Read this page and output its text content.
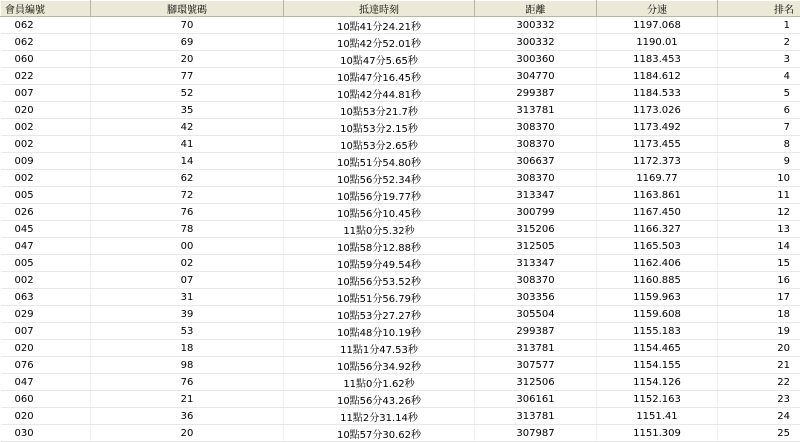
會員編號	腳環號碼	抵達時刻	距離	分速	排名
062	70	10點41分24.21秒	300332	1197.068	1
062	69	10點42分52.01秒	300332	1190.01	2
060	20	10點47分5.65秒	300360	1183.453	3
022	77	10點47分16.45秒	304770	1184.612	4
007	52	10點42分44.81秒	299387	1184.533	5
020	35	10點53分21.7秒	313781	1173.026	6
002	42	10點53分2.15秒	308370	1173.492	7
002	41	10點53分2.65秒	308370	1173.455	8
009	14	10點51分54.80秒	306637	1172.373	9
002	62	10點56分52.34秒	308370	1169.77	10
005	72	10點56分19.77秒	313347	1163.861	11
026	76	10點56分10.45秒	300799	1167.450	12
045	78	11點0分5.32秒	315206	1166.327	13
047	00	10點58分12.88秒	312505	1165.503	14
005	02	10點59分49.54秒	313347	1162.406	15
002	07	10點56分53.52秒	308370	1160.885	16
063	31	10點51分56.79秒	303356	1159.963	17
029	39	10點53分27.27秒	305504	1159.608	18
007	53	10點48分10.19秒	299387	1155.183	19
020	18	11點1分47.53秒	313781	1154.465	20
076	98	10點56分34.92秒	307577	1154.155	21
047	76	11點0分1.62秒	312506	1154.126	22
060	21	10點56分43.26秒	306161	1152.163	23
020	36	11點2分31.14秒	313781	1151.41	24
030	20	10點57分30.62秒	307987	1151.309	25
